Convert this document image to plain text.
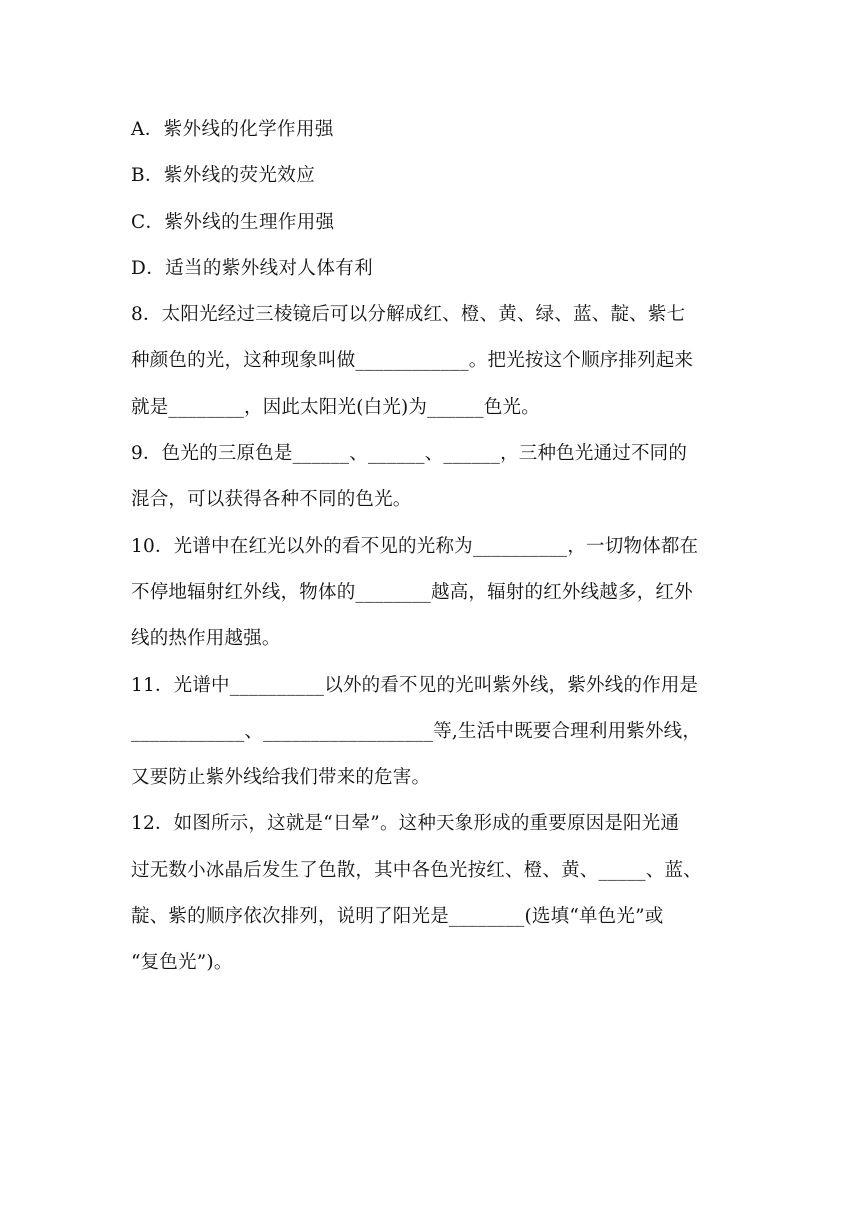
A．紫外线的化学作用强
B．紫外线的荧光效应
C．紫外线的生理作用强
D．适当的紫外线对人体有利
8．太阳光经过三棱镜后可以分解成红、橙、黄、绿、蓝、靛、紫七
种颜色的光，这种现象叫做____________。把光按这个顺序排列起来
就是________，因此太阳光(白光)为______色光。
9．色光的三原色是______、______、______，三种色光通过不同的
混合，可以获得各种不同的色光。
10．光谱中在红光以外的看不见的光称为__________，一切物体都在
不停地辐射红外线，物体的________越高，辐射的红外线越多，红外
线的热作用越强。
11．光谱中__________以外的看不见的光叫紫外线，紫外线的作用是
____________、__________________等,生活中既要合理利用紫外线，
又要防止紫外线给我们带来的危害。
12．如图所示，这就是“日晕”。这种天象形成的重要原因是阳光通
过无数小冰晶后发生了色散，其中各色光按红、橙、黄、_____、蓝、
靛、紫的顺序依次排列，说明了阳光是________(选填“单色光”或
“复色光”)。
